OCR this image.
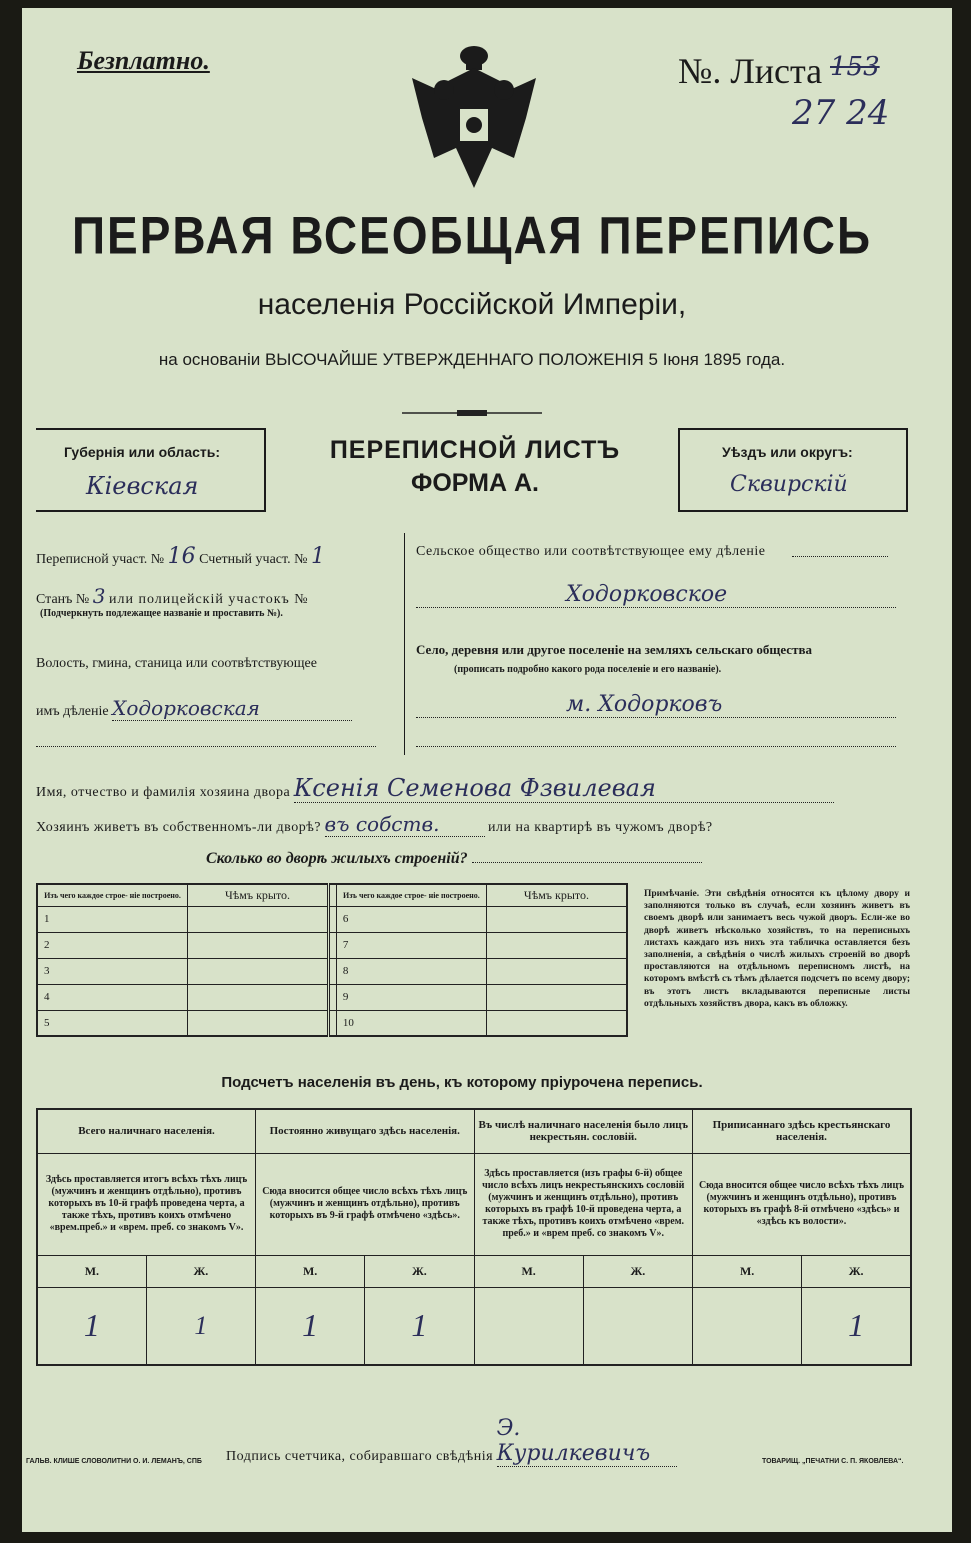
Безплатно.	№. Листа 153
27 24
ПЕРВАЯ ВСЕОБЩАЯ ПЕРЕПИСЬ
населенія Россійской Имперіи,
на основаніи ВЫСОЧАЙШЕ УТВЕРЖДЕННАГО ПОЛОЖЕНІЯ 5 Іюня 1895 года.
Губернія или область:
Кіевская
ПЕРЕПИСНОЙ ЛИСТЪ
ФОРМА А.
Уѣздъ или округъ:
Сквирскій
Переписной участ. № 16 Счетный участ. № 1
Станъ № 3 или полицейскій участокъ №
(Подчеркнуть подлежащее названіе и проставить №).
Волость, гмина, станица или соотвѣтствующее
имъ дѣленіе Ходорковская
Сельское общество или соотвѣтствующее ему дѣленіе
Ходорковское
Село, деревня или другое поселеніе на земляхъ сельскаго общества
(прописать подробно какого рода поселеніе и его названіе).
м. Ходорковъ
Имя, отчество и фамилія хозяина двора Ксенія Семенова Фзвилевая
Хозяинъ живетъ въ собственномъ-ли дворѣ? въ собств.	или на квартирѣ въ чужомъ дворѣ?
Сколько во дворѣ жилыхъ строеній?
Изъ чего каждое строе- ніе построено.	Чѣмъ крыто.		Изъ чего каждое строе- ніе построено.	Чѣмъ крыто.
1			6	
2			7	
3			8	
4			9	
5			10	
Примѣчаніе. Эти свѣдѣнія относятся къ цѣлому двору и заполняются только въ случаѣ, если хозяинъ живетъ въ своемъ дворѣ или занимаетъ весь чужой дворъ. Если-же во дворѣ живетъ нѣсколько хозяйствъ, то на переписныхъ листахъ каждаго изъ нихъ эта табличка оставляется безъ заполненія, а свѣдѣнія о числѣ жилыхъ строеній во дворѣ проставляются на отдѣльномъ переписномъ листѣ, на которомъ вмѣстѣ съ тѣмъ дѣлается подсчетъ по всему двору; въ этотъ листъ вкладываются переписные листы отдѣльныхъ хозяйствъ двора, какъ въ обложку.
Подсчетъ населенія въ день, къ которому пріурочена перепись.
Всего наличнаго населенія.		Постоянно живущаго здѣсь населенія.		Въ числѣ наличнаго населенія было лицъ некрестьян. сословій.		Приписаннаго здѣсь крестьянскаго населенія.	
Здѣсь проставляется итогъ всѣхъ тѣхъ лицъ (мужчинъ и женщинъ отдѣльно), противъ которыхъ въ 10-й графѣ проведена черта, а также тѣхъ, противъ коихъ отмѣчено «врем.преб.» и «врем. преб. со знакомъ V».		Сюда вносится общее число всѣхъ тѣхъ лицъ (мужчинъ и женщинъ отдѣльно), противъ которыхъ въ 9-й графѣ отмѣчено «здѣсь».		Здѣсь проставляется (изъ графы 6-й) общее число всѣхъ лицъ некрестьянскихъ сословій (мужчинъ и женщинъ отдѣльно), противъ которыхъ въ графѣ 10-й проведена черта, а также тѣхъ, противъ коихъ отмѣчено «врем. преб.» и «врем преб. со знакомъ V».		Сюда вносится общее число всѣхъ тѣхъ лицъ (мужчинъ и женщинъ отдѣльно), противъ которыхъ въ графѣ 8-й отмѣчено «здѣсь» и «здѣсь къ волости».	
М.	Ж.	М.	Ж.	М.	Ж.	М.	Ж.
1	1	1	1				1
Подпись счетчика, собиравшаго свѣдѣнія Э. Курилкевичъ
ГАЛЬВ. КЛИШЕ СЛОВОЛИТНИ О. И. ЛЕМАНЪ, СПБ	ТОВАРИЩ. „ПЕЧАТНИ С. П. ЯКОВЛЕВА“.
